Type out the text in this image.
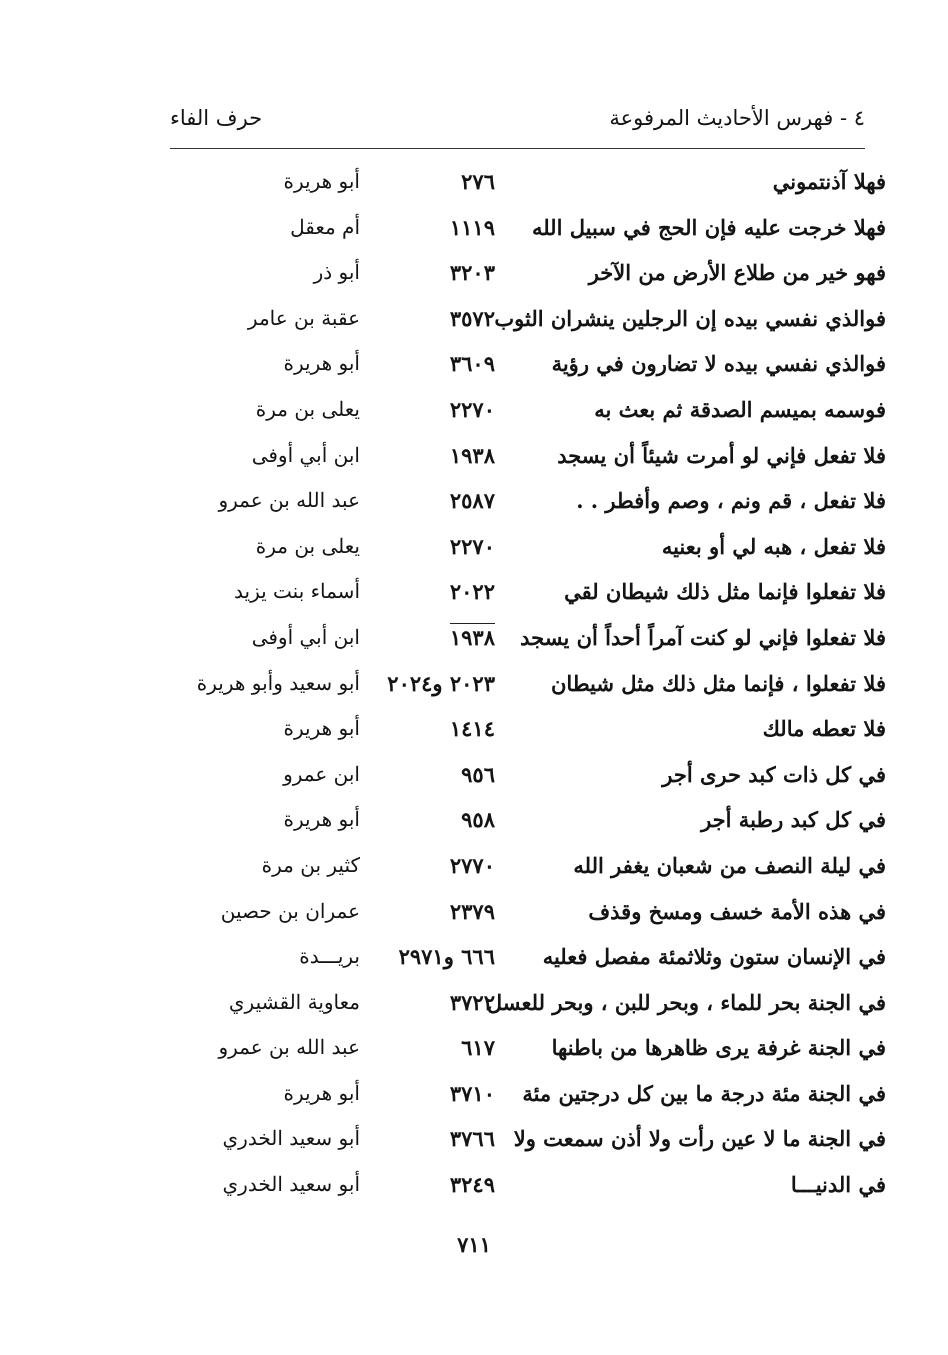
٤ - فهرس الأحاديث المرفوعة
حرف الفاء
فهلا آذنتموني
٢٧٦
أبو هريرة
فهلا خرجت عليه فإن الحج في سبيل الله
١١١٩
أم معقل
فهو خير من طلاع الأرض من الآخر
٣٢٠٣
أبو ذر
فوالذي نفسي بيده إن الرجلين ينشران الثوب
٣٥٧٢
عقبة بن عامر
فوالذي نفسي بيده لا تضارون في رؤية
٣٦٠٩
أبو هريرة
فوسمه بميسم الصدقة ثم بعث به
٢٢٧٠
يعلى بن مرة
فلا تفعل فإني لو أمرت شيئاً أن يسجد
١٩٣٨
ابن أبي أوفى
فلا تفعل ، قم ونم ، وصم وأفطر . .
٢٥٨٧
عبد الله بن عمرو
فلا تفعل ، هبه لي أو بعنيه
٢٢٧٠
يعلى بن مرة
فلا تفعلوا فإنما مثل ذلك شيطان لقي
٢٠٢٢
أسماء بنت يزيد
فلا تفعلوا فإني لو كنت آمراً أحداً أن يسجد
١٩٣٨
ابن أبي أوفى
فلا تفعلوا ، فإنما مثل ذلك مثل شيطان
٢٠٢٣ و٢٠٢٤
أبو سعيد وأبو هريرة
فلا تعطه مالك
١٤١٤
أبو هريرة
في كل ذات كبد حرى أجر
٩٥٦
ابن عمرو
في كل كبد رطبة أجر
٩٥٨
أبو هريرة
في ليلة النصف من شعبان يغفر الله
٢٧٧٠
كثير بن مرة
في هذه الأمة خسف ومسخ وقذف
٢٣٧٩
عمران بن حصين
في الإنسان ستون وثلاثمئة مفصل فعليه
٦٦٦ و٢٩٧١
بريـــدة
في الجنة بحر للماء ، وبحر للبن ، وبحر للعسل
٣٧٢٢
معاوية القشيري
في الجنة غرفة يرى ظاهرها من باطنها
٦١٧
عبد الله بن عمرو
في الجنة مئة درجة ما بين كل درجتين مئة
٣٧١٠
أبو هريرة
في الجنة ما لا عين رأت ولا أذن سمعت ولا
٣٧٦٦
أبو سعيد الخدري
في الدنيـــا
٣٢٤٩
أبو سعيد الخدري
٧١١
